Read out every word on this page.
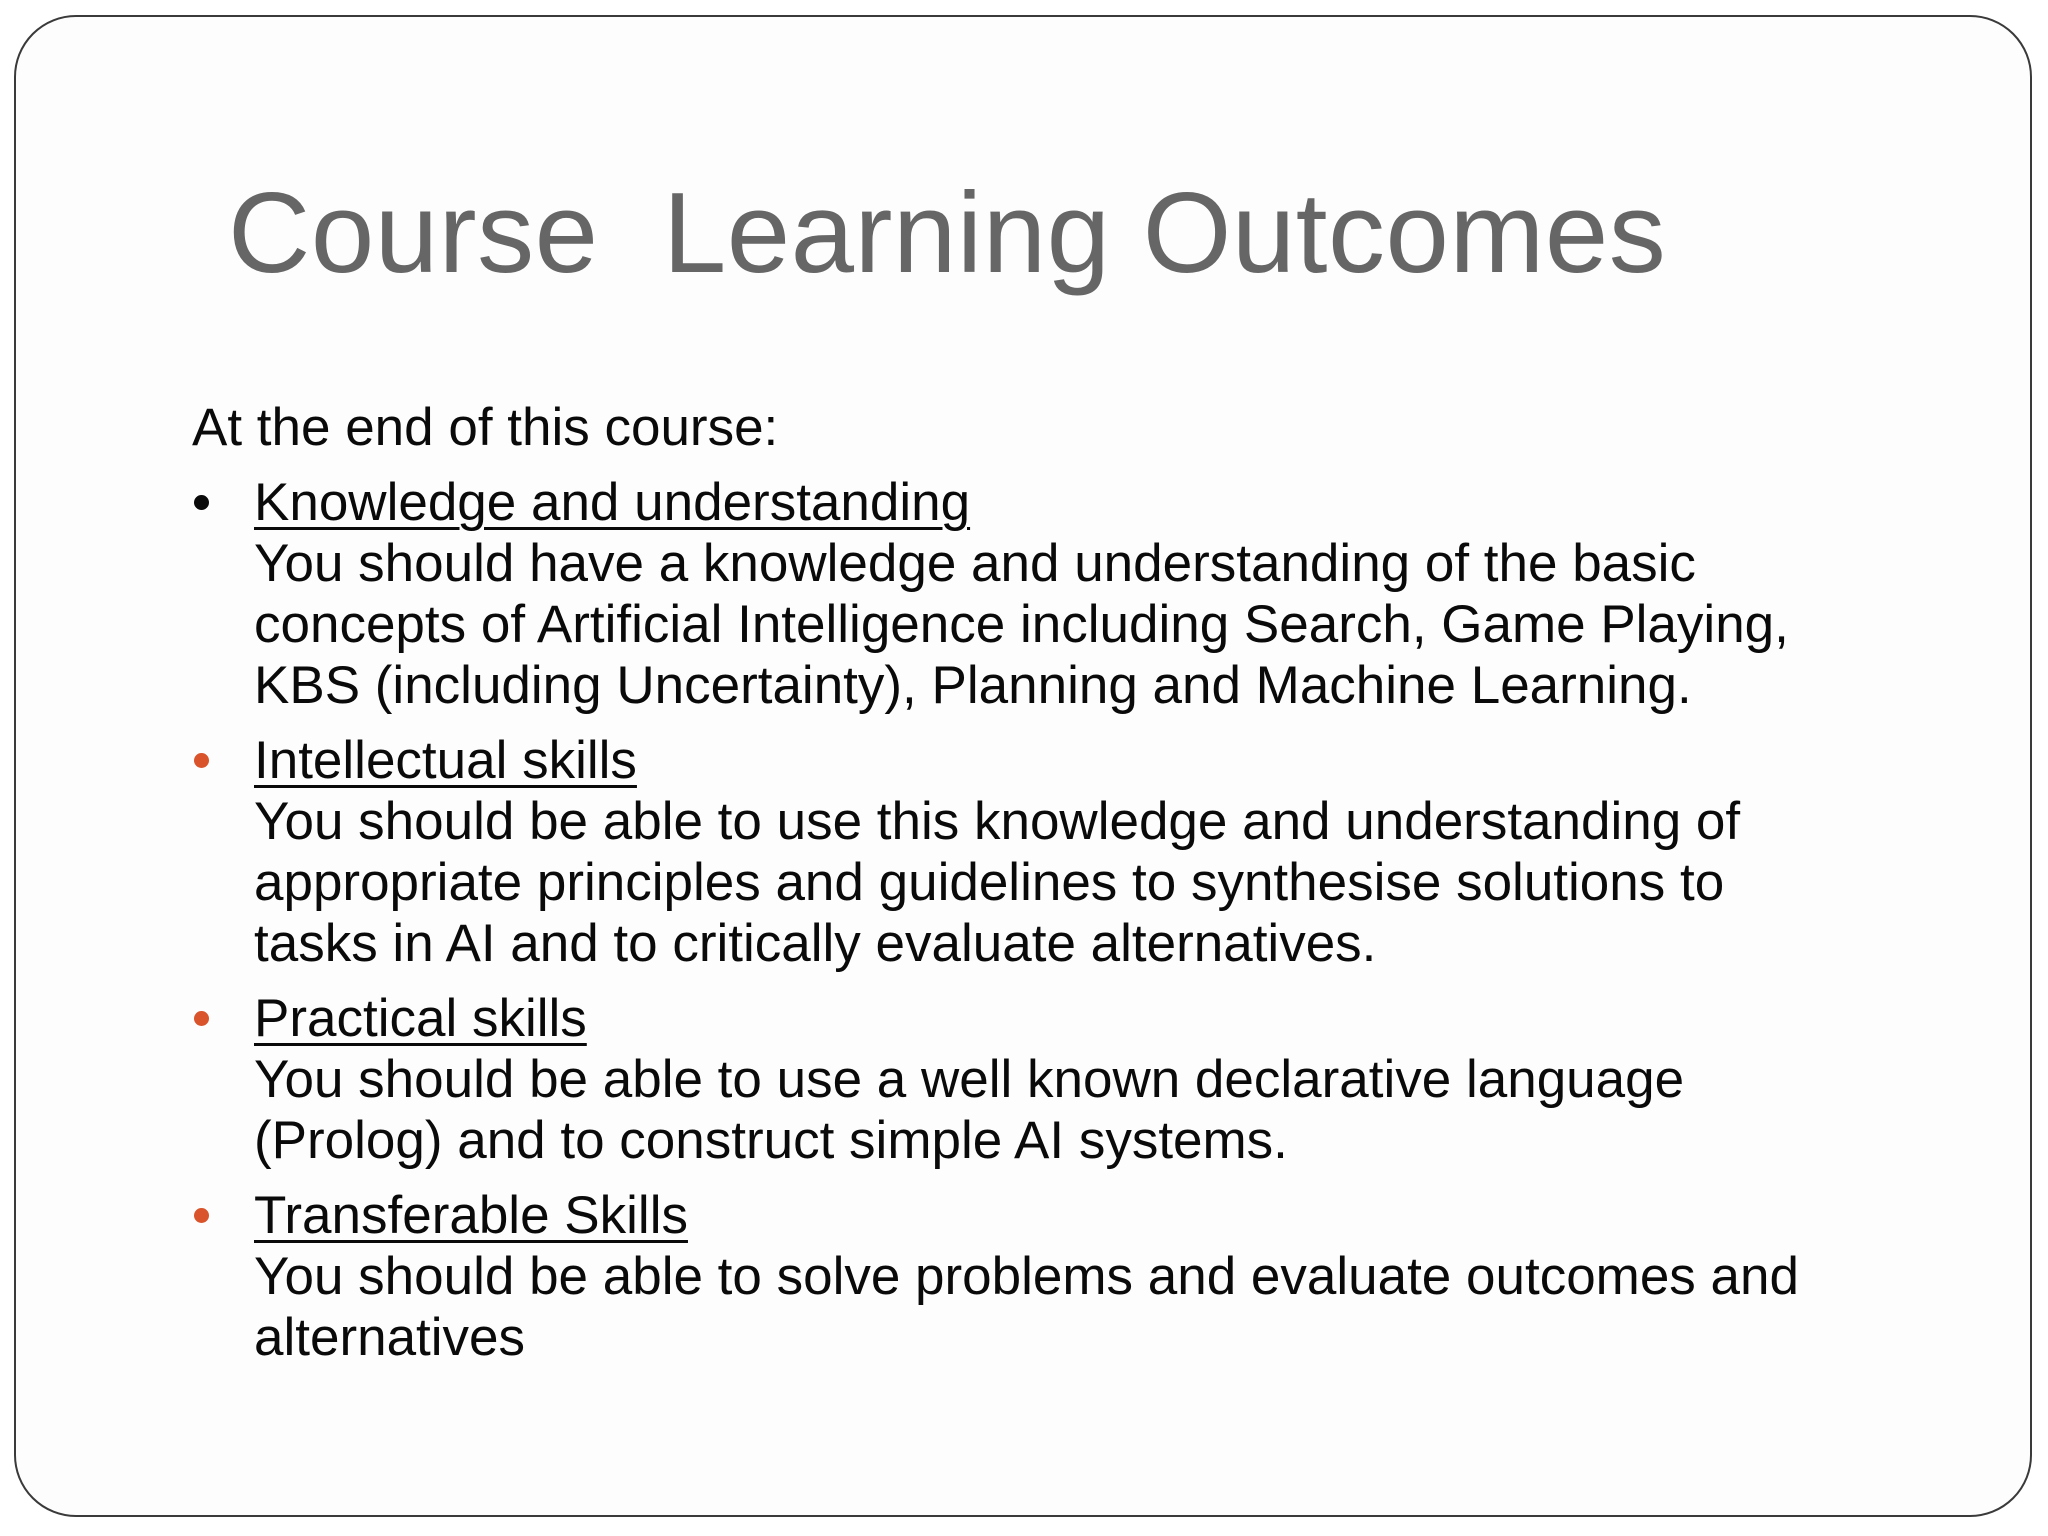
Course  Learning Outcomes

At the end of this course:

Knowledge and understanding
You should have a knowledge and understanding of the basic
concepts of Artificial Intelligence including Search, Game Playing,
KBS (including Uncertainty), Planning and Machine Learning.
Intellectual skills
You should be able to use this knowledge and understanding of
appropriate principles and guidelines to synthesise solutions to
tasks in AI and to critically evaluate alternatives.
Practical skills
You should be able to use a well known declarative language
(Prolog) and to construct simple AI systems.
Transferable Skills
You should be able to solve problems and evaluate outcomes and
alternatives
